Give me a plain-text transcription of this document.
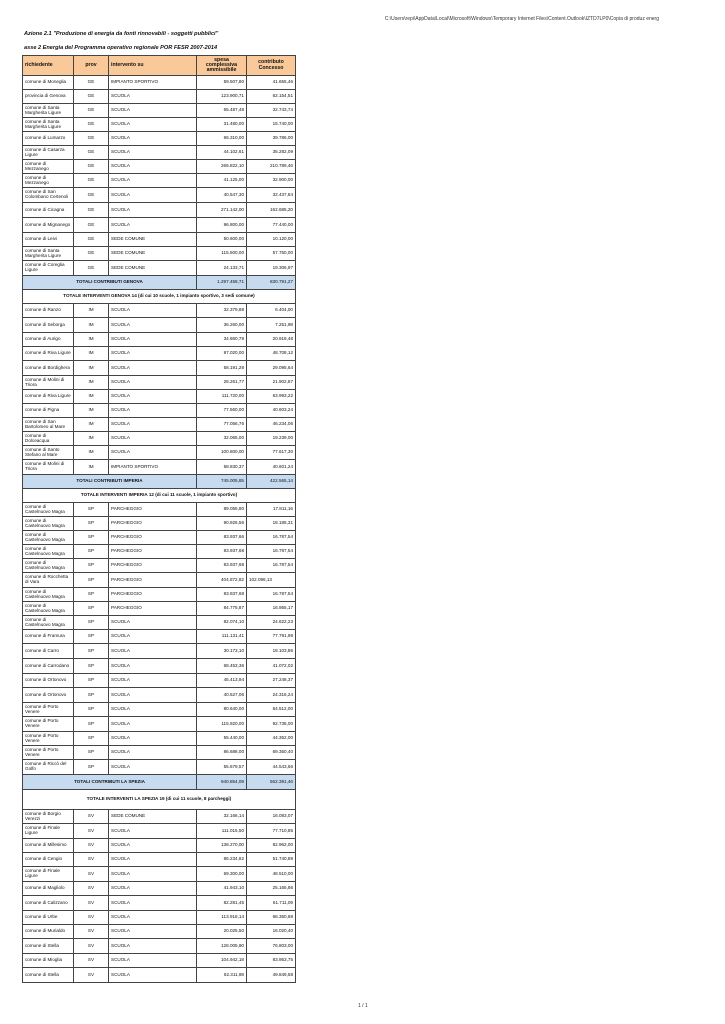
C:\Users\repi\AppData\Local\Microsoft\Windows\Temporary Internet Files\Content.Outlook\IZTD7LP0\Copia di produz energ
Azione 2.1 "Produzione di energia da fonti rinnovabili - soggetti pubblici"
asse 2 Energia del Programma operativo regionale POR FESR 2007-2014
richiedente	prov	intervento su	spesa complessiva ammissibile	contributo Concesso
comune di Moneglia	GE	IMPIANTO SPORTIVO	59.507,80	41.655,46
provincia di Genova	GE	SCUOLA	123.900,71	62.154,51
comune di Santa Margherita Ligure	GE	SCUOLA	65.487,48	32.743,74
comune di Santa Margherita Ligure	GE	SCUOLA	31.480,00	15.740,00
comune di Lumarzo	GE	SCUOLA	66.310,00	39.786,00
comune di Casarza Ligure	GE	SCUOLA	44.102,61	35.282,09
comune di Mezzanego	GE	SCUOLA	266.822,10	210.789,46
comune di Mezzanego	GE	SCUOLA	41.125,00	32.900,00
comune di San Colombano Certenoli	GE	SCUOLA	40.547,30	32.437,84
comune di Cicagna	GE	SCUOLA	271.142,00	162.685,20
comune di Mignanego	GE	SCUOLA	96.800,00	77.440,00
comune di Leivi	GE	SEDE COMUNE	50.600,00	10.120,00
comune di Santa Margherita Ligure	GE	SEDE COMUNE	115.500,00	57.750,00
comune di Coreglia Ligure	GE	SEDE COMUNE	24.133,71	19.306,97
TOTALI CONTRIBUTI GENOVA			1.297.458,71	830.791,27
TOTALE INTERVENTI GENOVA 14 (di cui 10 scuole, 1 impianto sportivo, 3 sedi comune)				
comune di Ranzo	IM	SCUOLA	32.379,88	6.404,00
comune di Seborga	IM	SCUOLA	36.260,00	7.251,98
comune di Aurigo	IM	SCUOLA	34.860,79	20.916,48
comune di Riva Ligure	IM	SCUOLA	97.020,00	48.708,12
comune di Bordighera	IM	SCUOLA	58.191,28	29.095,64
comune di Molini di Triora	IM	SCUOLA	28.261,77	21.902,87
comune di Riva Ligure	IM	SCUOLA	111.720,00	63.993,22
comune di Pigna	IM	SCUOLA	77.560,00	40.603,24
comune di San Bartolomeo al Mare	IM	SCUOLA	77.056,76	46.234,06
comune di Dolceacqua	IM	SCUOLA	32.065,00	19.239,00
comune di Santo Stefano al Mare	IM	SCUOLA	100.800,00	77.617,30
comune di Molini di Triora	IM	IMPIANTO SPORTIVO	58.830,37	40.601,24
TOTALI CONTRIBUTI IMPERIA			745.005,85	422.565,14
TOTALE INTERVENTI IMPERIA 12 (di cui 11 scuole, 1 impianto sportivo)				
comune di Castelnuovo Magra	SP	PARCHEGGIO	89.055,80	17.811,16
comune di Castelnuovo Magra	SP	PARCHEGGIO	90.926,56	18.185,31
comune di Castelnuovo Magra	SP	PARCHEGGIO	83.937,66	16.787,54
comune di Castelnuovo Magra	SP	PARCHEGGIO	83.937,68	16.787,54
comune di Castelnuovo Magra	SP	PARCHEGGIO	83.937,68	16.787,54
comune di Rocchetta di Vara	SP	PARCHEGGIO	404.872,82	102.096,13
comune di Castelnuovo Magra	SP	PARCHEGGIO	83.937,68	16.787,54
comune di Castelnuovo Magra	SP	PARCHEGGIO	84.775,87	16.955,17
comune di Castelnuovo Magra	SP	SCUOLA	82.074,10	24.622,23
comune di Framura	SP	SCUOLA	111.131,41	77.791,98
comune di Carro	SP	SCUOLA	30.173,10	18.103,86
comune di Carrodano	SP	SCUOLA	68.453,36	41.072,02
comune di Ortonovo	SP	SCUOLA	45.413,94	27.248,37
comune di Ortonovo	SP	SCUOLA	40.527,06	24.316,24
comune di Porto Venere	SP	SCUOLA	80.640,00	64.512,00
comune di Porto Venere	SP	SCUOLA	115.920,00	92.736,00
comune di Porto Venere	SP	SCUOLA	55.440,00	44.352,00
comune di Porto Venere	SP	SCUOLA	86.688,00	69.350,40
comune di Riccò del Golfo	SP	SCUOLA	55.679,57	44.543,66
TOTALI CONTRIBUTI LA SPEZIA			940.854,09	562.391,46
TOTALE INTERVENTI LA SPEZIA 19 (di cui 11 scuole, 8 parcheggi)				
comune di Borgio Verezzi	SV	SEDE COMUNE	32.166,14	16.083,07
comune di Finale Ligure	SV	SCUOLA	111.015,50	77.710,85
comune di Millesimo	SV	SCUOLA	138.270,00	82.962,00
comune di Cengio	SV	SCUOLA	86.234,82	51.740,89
comune di Finale Ligure	SV	SCUOLA	69.300,00	48.510,00
comune di Magliolo	SV	SCUOLA	41.943,10	25.165,86
comune di Calizzano	SV	SCUOLA	82.281,45	61.711,09
comune di Urbe	SV	SCUOLA	113.918,14	68.350,88
comune di Murialdo	SV	SCUOLA	20.025,50	16.020,40
comune di Stella	SV	SCUOLA	128.005,90	76.803,00
comune di Mioglia	SV	SCUOLA	104.942,18	83.953,75
comune di Stella	SV	SCUOLA	62.311,98	49.849,58
1 / 1
